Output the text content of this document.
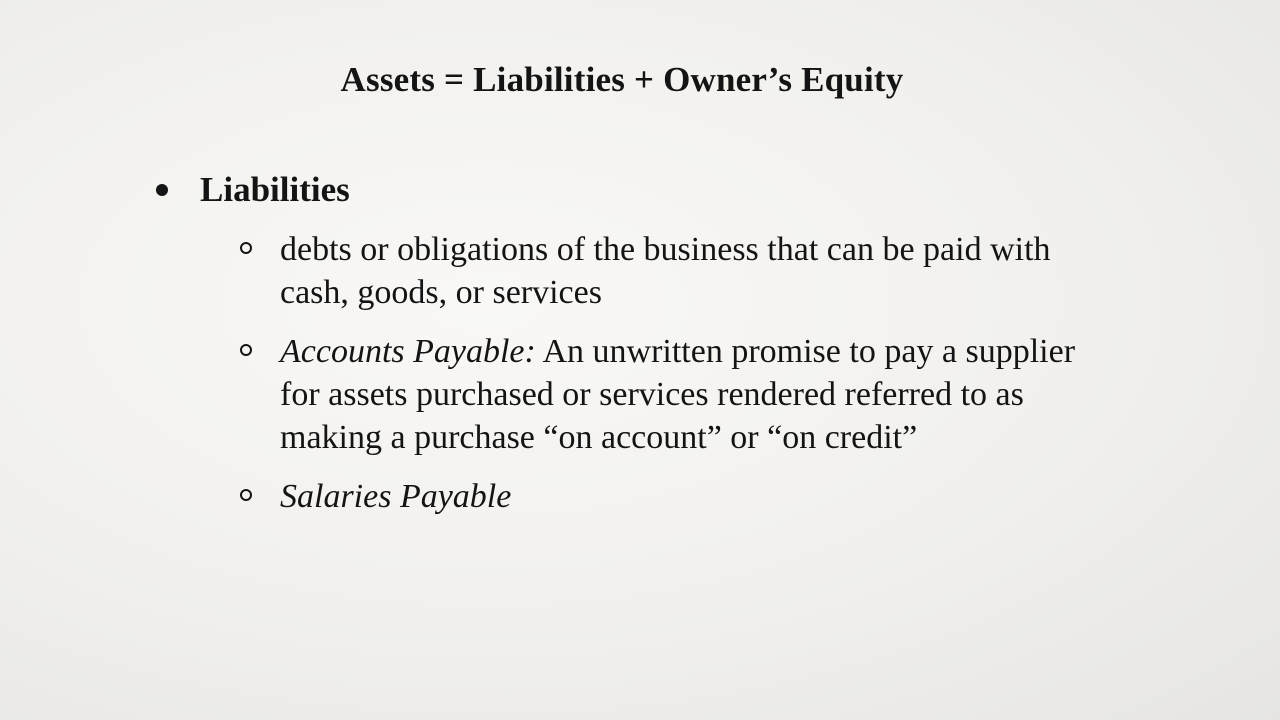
Assets = Liabilities + Owner’s Equity
Liabilities
debts or obligations of the business that can be paid with cash, goods, or services
Accounts Payable: An unwritten promise to pay a supplier for assets purchased or services rendered referred to as making a purchase “on account” or “on credit”
Salaries Payable
